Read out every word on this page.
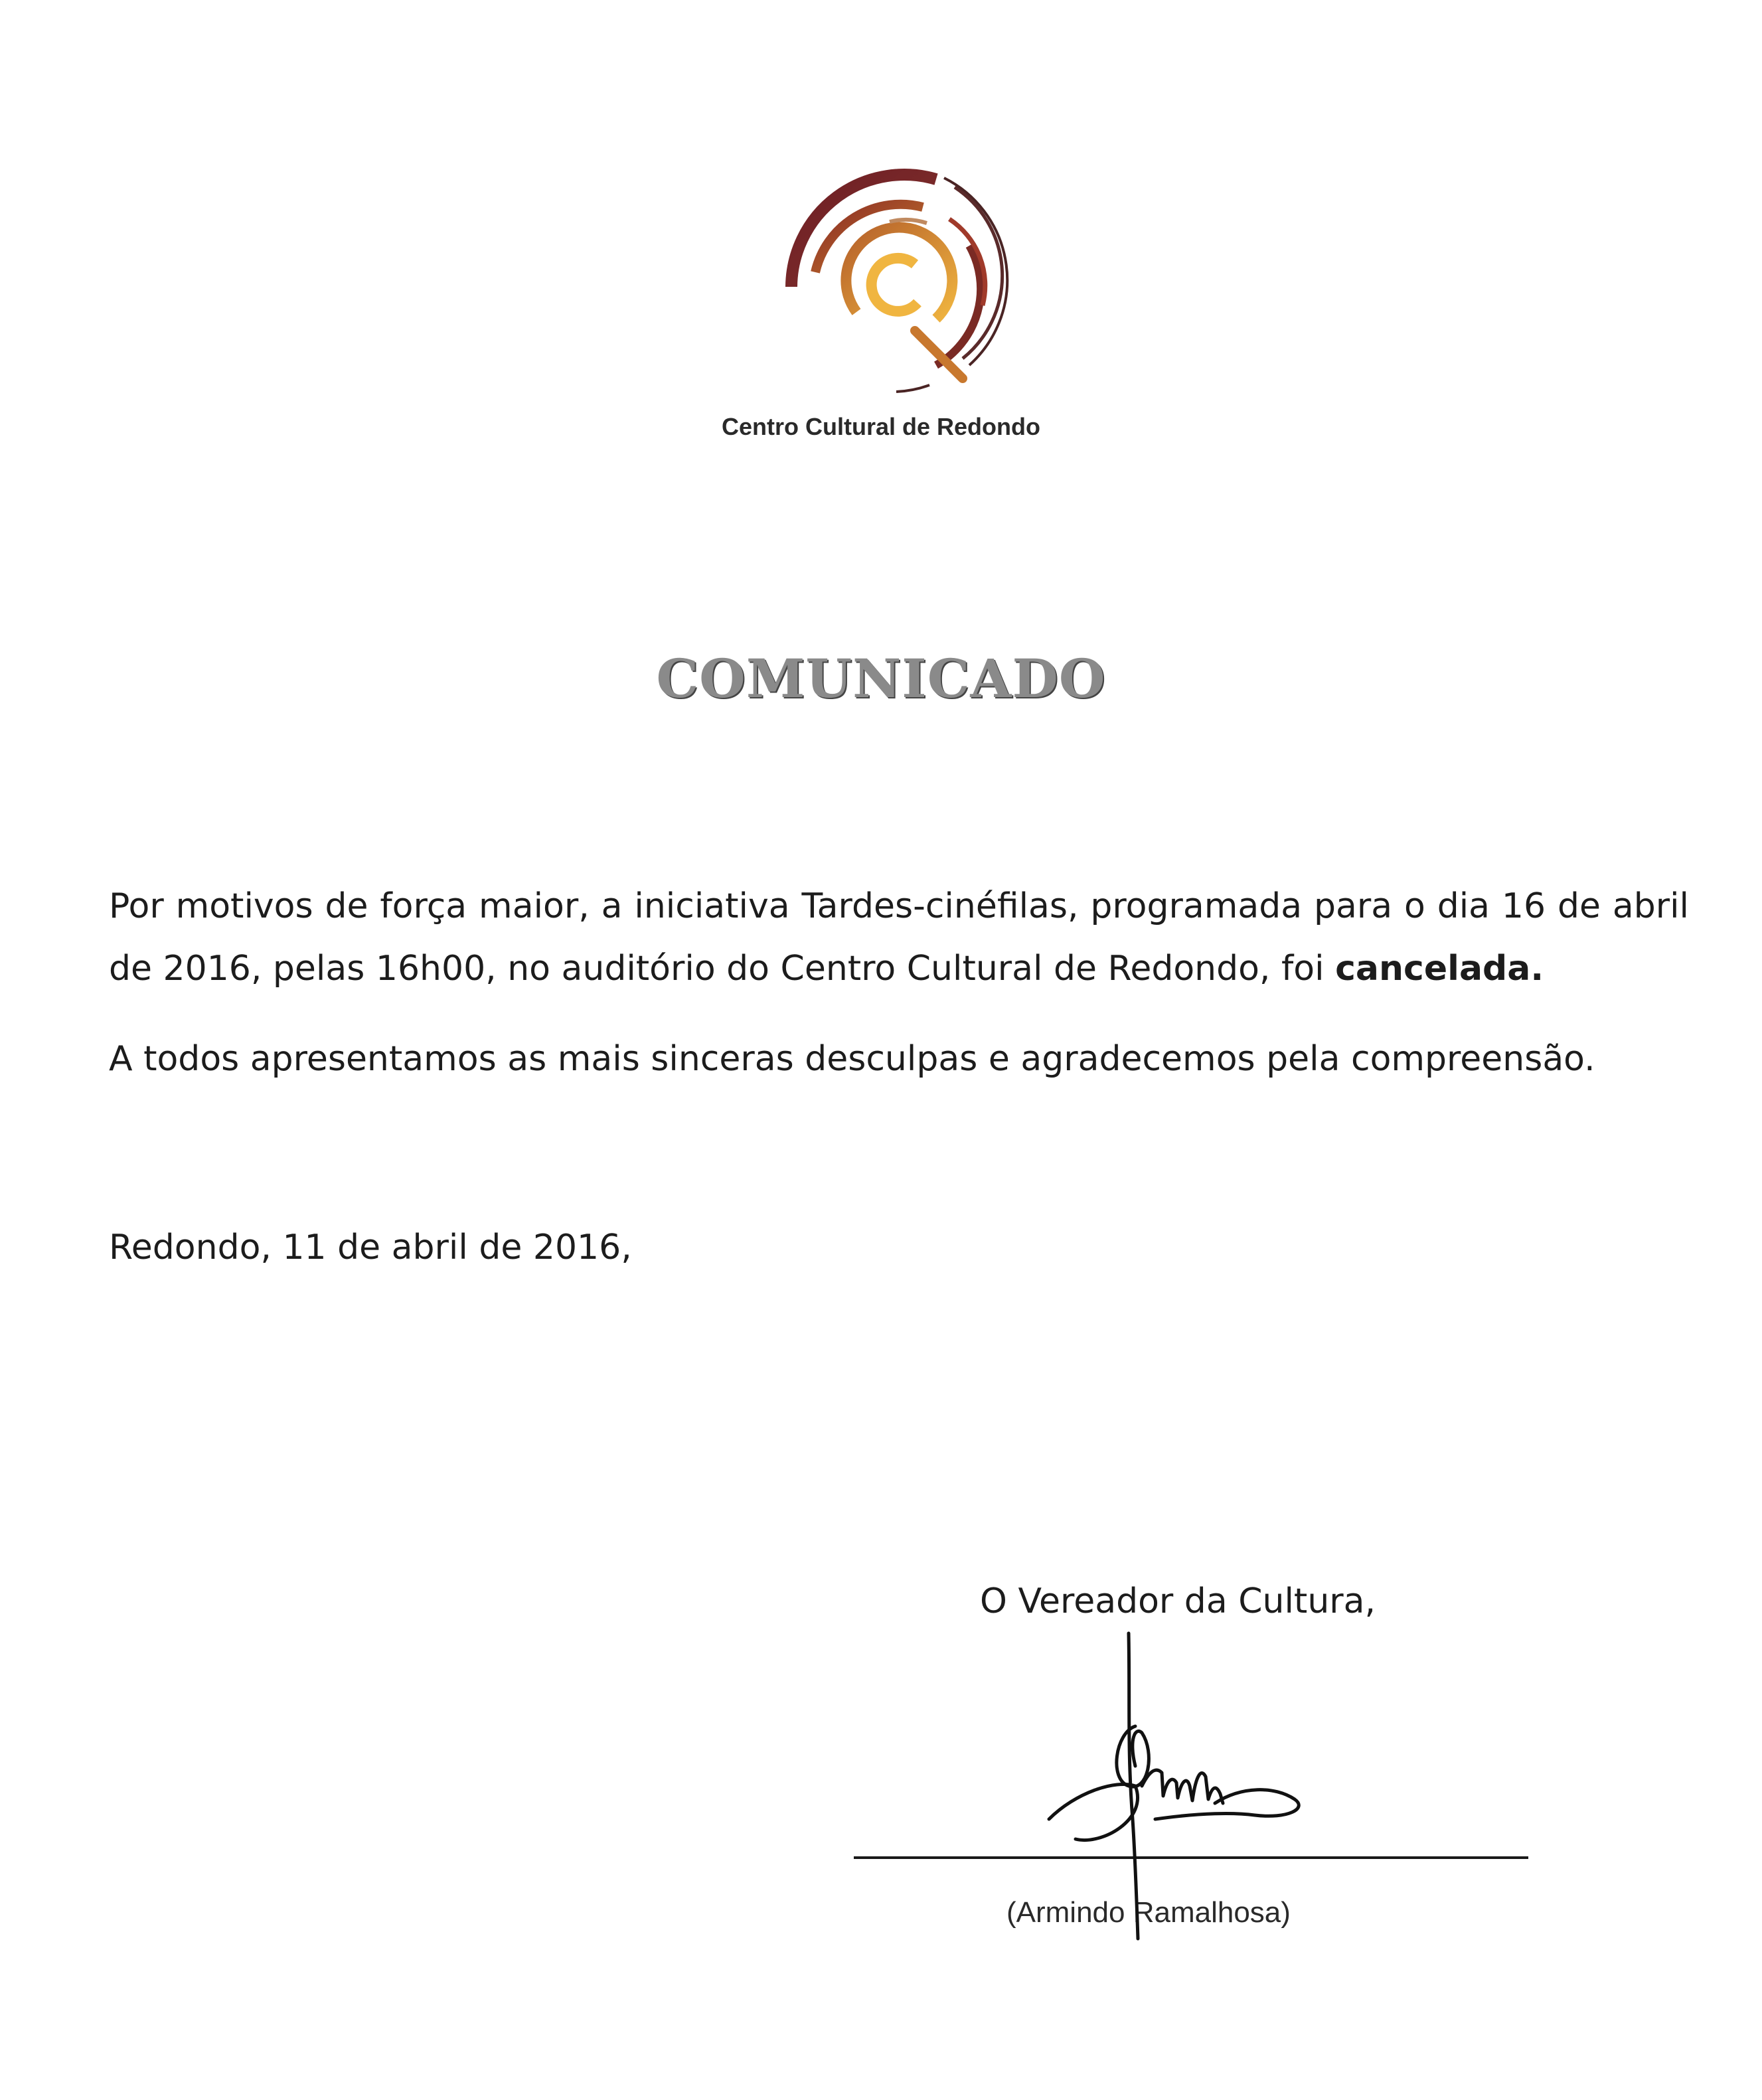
Centro Cultural de Redondo
COMUNICADO

Por motivos de força maior, a iniciativa Tardes-cinéfilas, programada para o dia 16 de abril de 2016, pelas 16h00, no auditório do Centro Cultural de Redondo, foi cancelada.

A todos apresentamos as mais sinceras desculpas e agradecemos pela compreensão.

Redondo, 11 de abril de 2016,

O Vereador da Cultura,
(Armindo Ramalhosa)
